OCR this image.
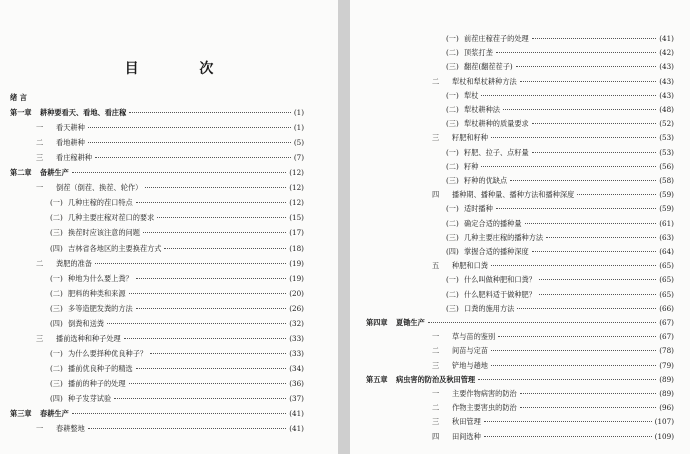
目 次
绪 言
第一章 耕种要看天、看地、看庄稼	(1)
一 看天耕种	(1)
二 看地耕种	(5)
三 看庄稼耕种	(7)
第二章 备耕生产	(12)
一 倒茬（倒茬、换茬、轮作）	(12)
(一) 几种庄稼的茬口特点	(12)
(二) 几种主要庄稼对茬口的要求	(15)
(三) 换茬时应该注意的问题	(17)
(四) 吉林省各地区的主要换茬方式	(18)
二 粪肥的准备	(19)
(一) 种地为什么要上粪？	(19)
(二) 肥料的种类和来源	(20)
(三) 多等造肥发粪的方法	(26)
(四) 倒粪和送粪	(32)
三 播前选种和种子处理	(33)
(一) 为什么要择种优良种子？	(33)
(二) 播前优良种子的精选	(34)
(三) 播前的种子的处理	(36)
(四) 种子发芽试验	(37)
第三章 春耕生产	(41)
一 春耕整地	(41)
(一) 前茬庄稼茬子的处理	(41)
(二) 顶浆打垄	(42)
(三) 翻茬(翻茬茬子)	(43)
二 犁杖和犁杖耕种方法	(43)
(一) 犁杖	(43)
(二) 犁杖耕种法	(48)
(三) 犁杖耕种的质量要求	(52)
三 籽肥和籽种	(53)
(一) 籽肥、拉子、点籽量	(53)
(二) 籽种	(56)
(三) 籽种的优缺点	(58)
四 播种期、播种量、播种方法和播种深度	(59)
(一) 适时播种	(59)
(二) 确定合适的播种量	(61)
(三) 几种主要庄稼的播种方法	(63)
(四) 掌握合适的播种深度	(64)
五 种肥和口粪	(65)
(一) 什么叫做种肥和口粪？	(65)
(二) 什么肥料适于做种肥？	(65)
(三) 口粪的施用方法	(66)
第四章 夏锄生产	(67)
一 草与苗的鉴别	(67)
二 间苗与定苗	(78)
三 铲地与趟地	(79)
第五章 病虫害的防治及秋田管理	(89)
一 主要作物病害的防治	(89)
二 作物主要害虫的防治	(96)
三 秋田管理	(107)
四 田间选种	(109)
